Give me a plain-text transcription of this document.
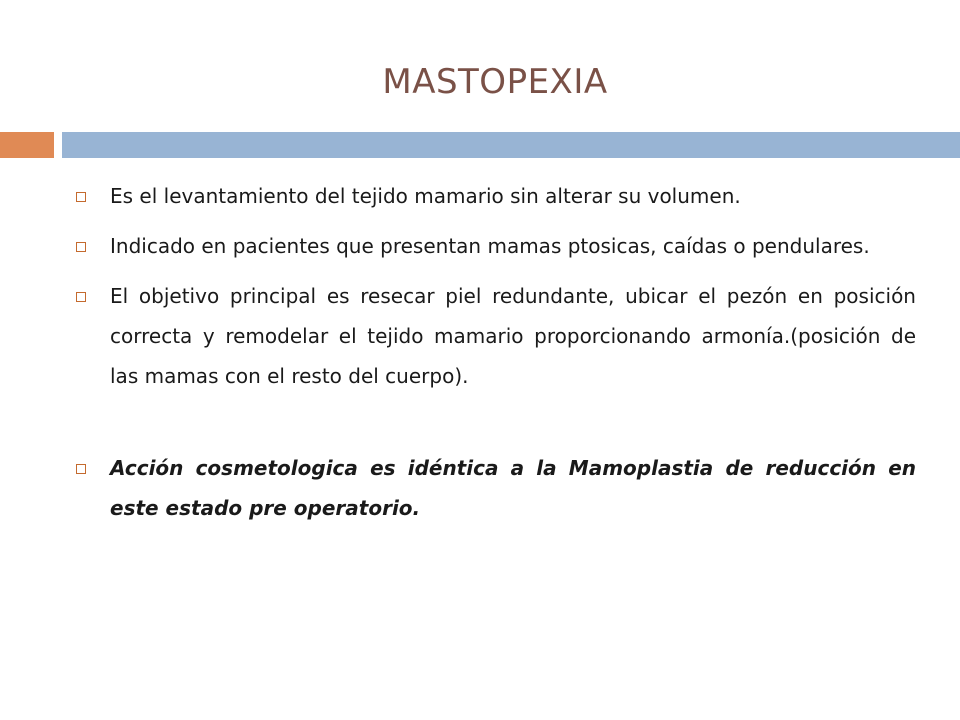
MASTOPEXIA
Es el levantamiento del tejido mamario sin alterar su volumen.
Indicado en pacientes que presentan mamas ptosicas, caídas o pendulares.
El objetivo principal es resecar piel redundante, ubicar el pezón en posición correcta y remodelar el tejido mamario proporcionando armonía.(posición de las mamas con el resto del cuerpo).
Acción cosmetologica es idéntica a la Mamoplastia de reducción en este estado pre operatorio.
